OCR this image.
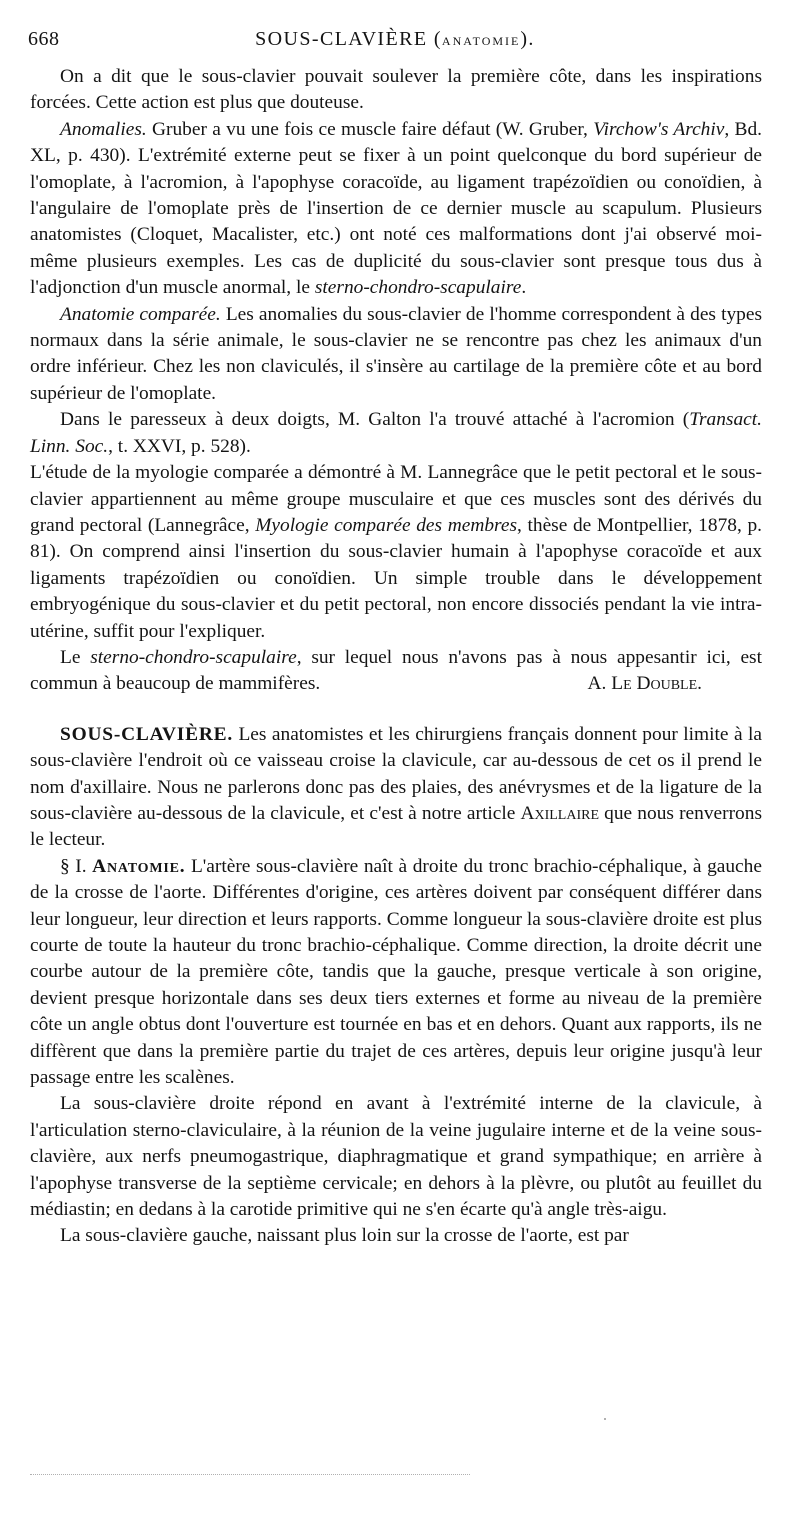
668	SOUS-CLAVIÈRE (ANATOMIE).

On a dit que le sous-clavier pouvait soulever la première côte, dans les inspirations forcées. Cette action est plus que douteuse.

Anomalies. Gruber a vu une fois ce muscle faire défaut (W. Gruber, Virchow's Archiv, Bd. XL, p. 430). L'extrémité externe peut se fixer à un point quelconque du bord supérieur de l'omoplate, à l'acromion, à l'apophyse coracoïde, au ligament trapézoïdien ou conoïdien, à l'angulaire de l'omoplate près de l'insertion de ce dernier muscle au scapulum. Plusieurs anatomistes (Cloquet, Macalister, etc.) ont noté ces malformations dont j'ai observé moi-même plusieurs exemples. Les cas de duplicité du sous-clavier sont presque tous dus à l'adjonction d'un muscle anormal, le sterno-chondro-scapulaire.

Anatomie comparée. Les anomalies du sous-clavier de l'homme correspondent à des types normaux dans la série animale, le sous-clavier ne se rencontre pas chez les animaux d'un ordre inférieur. Chez les non claviculés, il s'insère au cartilage de la première côte et au bord supérieur de l'omoplate.

Dans le paresseux à deux doigts, M. Galton l'a trouvé attaché à l'acromion (Transact. Linn. Soc., t. XXVI, p. 528).

L'étude de la myologie comparée a démontré à M. Lannegrâce que le petit pectoral et le sous-clavier appartiennent au même groupe musculaire et que ces muscles sont des dérivés du grand pectoral (Lannegrâce, Myologie comparée des membres, thèse de Montpellier, 1878, p. 81). On comprend ainsi l'insertion du sous-clavier humain à l'apophyse coracoïde et aux ligaments trapézoïdien ou conoïdien. Un simple trouble dans le développement embryogénique du sous-clavier et du petit pectoral, non encore dissociés pendant la vie intra-utérine, suffit pour l'expliquer.

Le sterno-chondro-scapulaire, sur lequel nous n'avons pas à nous appesantir ici, est commun à beaucoup de mammifères.	A. Le Double.

SOUS-CLAVIÈRE. Les anatomistes et les chirurgiens français donnent pour limite à la sous-clavière l'endroit où ce vaisseau croise la clavicule, car au-dessous de cet os il prend le nom d'axillaire. Nous ne parlerons donc pas des plaies, des anévrysmes et de la ligature de la sous-clavière au-dessous de la clavicule, et c'est à notre article Axillaire que nous renverrons le lecteur.

§ I. Anatomie. L'artère sous-clavière naît à droite du tronc brachio-céphalique, à gauche de la crosse de l'aorte. Différentes d'origine, ces artères doivent par conséquent différer dans leur longueur, leur direction et leurs rapports. Comme longueur la sous-clavière droite est plus courte de toute la hauteur du tronc brachio-céphalique. Comme direction, la droite décrit une courbe autour de la première côte, tandis que la gauche, presque verticale à son origine, devient presque horizontale dans ses deux tiers externes et forme au niveau de la première côte un angle obtus dont l'ouverture est tournée en bas et en dehors. Quant aux rapports, ils ne diffèrent que dans la première partie du trajet de ces artères, depuis leur origine jusqu'à leur passage entre les scalènes.

La sous-clavière droite répond en avant à l'extrémité interne de la clavicule, à l'articulation sterno-claviculaire, à la réunion de la veine jugulaire interne et de la veine sous-clavière, aux nerfs pneumogastrique, diaphragmatique et grand sympathique; en arrière à l'apophyse transverse de la septième cervicale; en dehors à la plèvre, ou plutôt au feuillet du médiastin; en dedans à la carotide primitive qui ne s'en écarte qu'à angle très-aigu.

La sous-clavière gauche, naissant plus loin sur la crosse de l'aorte, est par
